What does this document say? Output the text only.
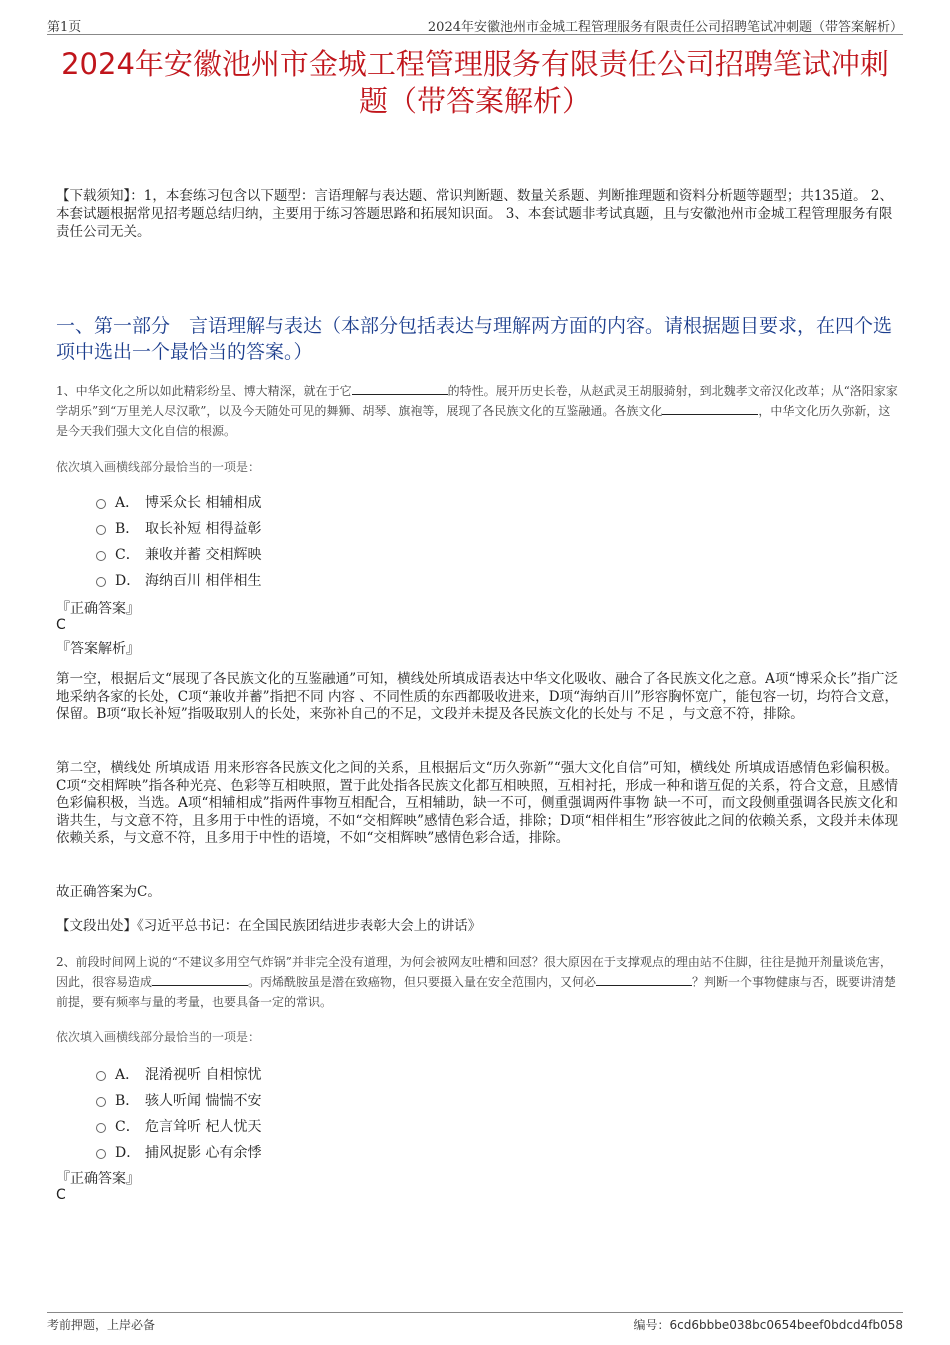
第1页	2024年安徽池州市金城工程管理服务有限责任公司招聘笔试冲刺题（带答案解析）
2024年安徽池州市金城工程管理服务有限责任公司招聘笔试冲刺题（带答案解析）
【下载须知】：1，本套练习包含以下题型：言语理解与表达题、常识判断题、数量关系题、判断推理题和资料分析题等题型；共135道。 2、本套试题根据常见招考题总结归纳，主要用于练习答题思路和拓展知识面。 3、本套试题非考试真题，且与安徽池州市金城工程管理服务有限责任公司无关。
一、第一部分　言语理解与表达（本部分包括表达与理解两方面的内容。请根据题目要求，在四个选项中选出一个最恰当的答案。）
1、中华文化之所以如此精彩纷呈、博大精深，就在于它	的特性。展开历史长卷，从赵武灵王胡服骑射，到北魏孝文帝汉化改革；从“洛阳家家学胡乐”到“万里羌人尽汉歌”，以及今天随处可见的舞狮、胡琴、旗袍等，展现了各民族文化的互鉴融通。各族文化	，中华文化历久弥新，这是今天我们强大文化自信的根源。
依次填入画横线部分最恰当的一项是：
A． 博采众长 相辅相成
B． 取长补短 相得益彰
C． 兼收并蓄 交相辉映
D． 海纳百川 相伴相生
『正确答案』
C
『答案解析』
第一空，根据后文“展现了各民族文化的互鉴融通”可知，横线处所填成语表达中华文化吸收、融合了各民族文化之意。A项“博采众长”指广泛地采纳各家的长处，C项“兼收并蓄”指把不同 内容 、不同性质的东西都吸收进来，D项“海纳百川”形容胸怀宽广，能包容一切，均符合文意，保留。B项“取长补短”指吸取别人的长处，来弥补自己的不足，文段并未提及各民族文化的长处与 不足 ，与文意不符，排除。
第二空，横线处 所填成语 用来形容各民族文化之间的关系，且根据后文“历久弥新”“强大文化自信”可知，横线处 所填成语感情色彩偏积极。C项“交相辉映”指各种光亮、色彩等互相映照，置于此处指各民族文化都互相映照，互相衬托，形成一种和谐互促的关系，符合文意，且感情色彩偏积极，当选。A项“相辅相成”指两件事物互相配合，互相辅助，缺一不可，侧重强调两件事物 缺一不可，而文段侧重强调各民族文化和谐共生，与文意不符，且多用于中性的语境，不如“交相辉映”感情色彩合适，排除；D项“相伴相生”形容彼此之间的依赖关系，文段并未体现依赖关系，与文意不符，且多用于中性的语境，不如“交相辉映”感情色彩合适，排除。
故正确答案为C。
【文段出处】《习近平总书记：在全国民族团结进步表彰大会上的讲话》
2、前段时间网上说的“不建议多用空气炸锅”并非完全没有道理，为何会被网友吐槽和回怼？很大原因在于支撑观点的理由站不住脚，往往是抛开剂量谈危害，因此，很容易造成	。丙烯酰胺虽是潜在致癌物，但只要摄入量在安全范围内，又何必	？判断一个事物健康与否，既要讲清楚前提，要有频率与量的考量，也要具备一定的常识。
依次填入画横线部分最恰当的一项是：
A． 混淆视听 自相惊忧
B． 骇人听闻 惴惴不安
C． 危言耸听 杞人忧天
D． 捕风捉影 心有余悸
『正确答案』
C
考前押题，上岸必备	编号：6cd6bbbe038bc0654beef0bdcd4fb058
